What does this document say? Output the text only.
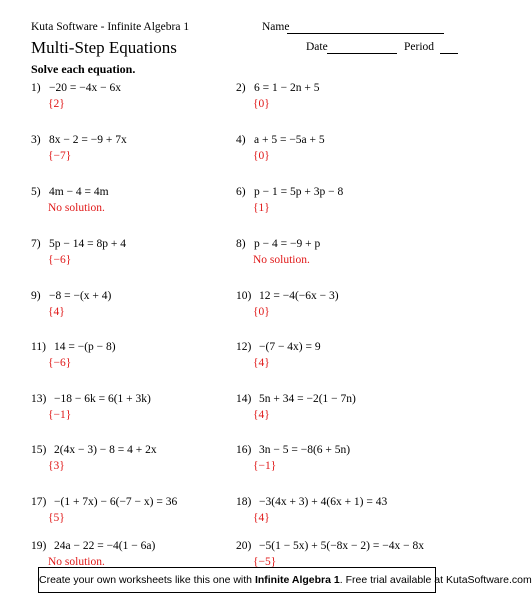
Kuta Software - Infinite Algebra 1	Name
Multi-Step Equations	Date	Period
Solve each equation.
1) −20 = −4x − 6x
{2}
2) 6 = 1 − 2n + 5
{0}
3) 8x − 2 = −9 + 7x
{−7}
4) a + 5 = −5a + 5
{0}
5) 4m − 4 = 4m
No solution.
6) p − 1 = 5p + 3p − 8
{1}
7) 5p − 14 = 8p + 4
{−6}
8) p − 4 = −9 + p
No solution.
9) −8 = −(x + 4)
{4}
10) 12 = −4(−6x − 3)
{0}
11) 14 = −(p − 8)
{−6}
12) −(7 − 4x) = 9
{4}
13) −18 − 6k = 6(1 + 3k)
{−1}
14) 5n + 34 = −2(1 − 7n)
{4}
15) 2(4x − 3) − 8 = 4 + 2x
{3}
16) 3n − 5 = −8(6 + 5n)
{−1}
17) −(1 + 7x) − 6(−7 − x) = 36
{5}
18) −3(4x + 3) + 4(6x + 1) = 43
{4}
19) 24a − 22 = −4(1 − 6a)
No solution.
20) −5(1 − 5x) + 5(−8x − 2) = −4x − 8x
{−5}
Create your own worksheets like this one with Infinite Algebra 1. Free trial available at KutaSoftware.com
